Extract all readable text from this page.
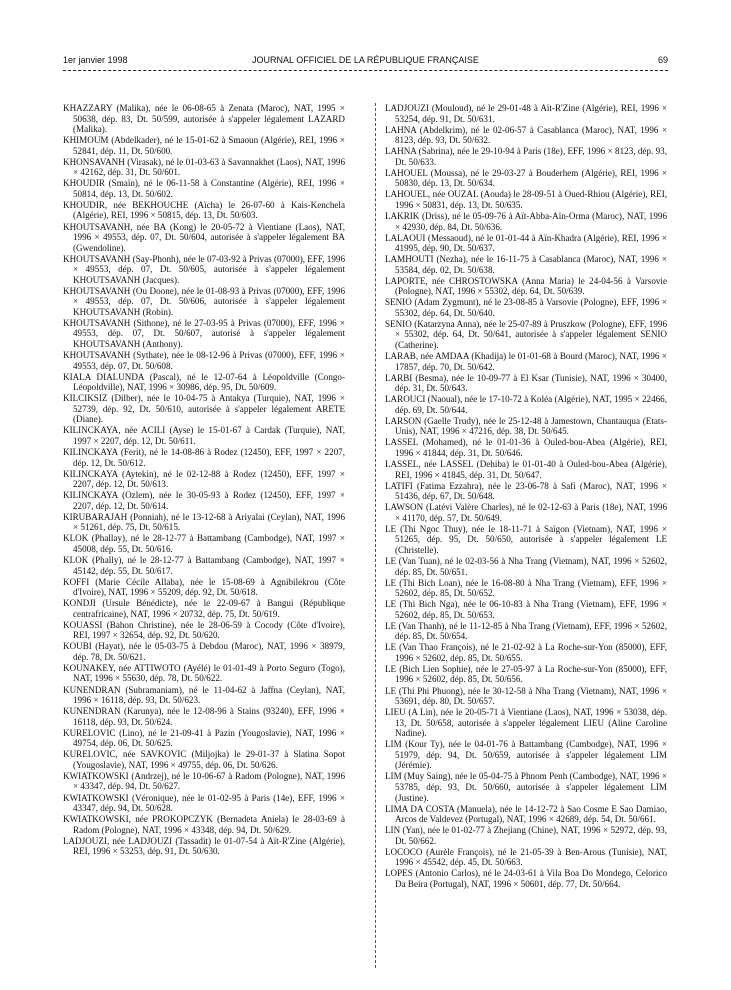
1er janvier 1998	JOURNAL OFFICIEL DE LA RÉPUBLIQUE FRANÇAISE	69

KHAZZARY (Malika), née le 06-08-65 à Zenata (Maroc), NAT, 1995 × 50638, dép. 83, Dt. 50/599, autorisée à s'appeler légalement LAZARD (Malika).

KHIMOUM (Abdelkader), né le 15-01-62 à Smaoun (Algérie), REI, 1996 × 52841, dép. 11, Dt. 50/600.

KHONSAVANH (Virasak), né le 01-03-63 à Savannakhet (Laos), NAT, 1996 × 42162, dép. 31, Dt. 50/601.

KHOUDIR (Smaïn), né le 06-11-58 à Constantine (Algérie), REI, 1996 × 50814, dép. 13, Dt. 50/602.

KHOUDIR, née BEKHOUCHE (Aïcha) le 26-07-60 à Kais-Kenchela (Algérie), REI, 1996 × 50815, dép. 13, Dt. 50/603.

KHOUTSAVANH, née BA (Kong) le 20-05-72 à Vientiane (Laos), NAT, 1996 × 49553, dép. 07, Dt. 50/604, autorisée à s'appeler légalement BA (Gwendoline).

KHOUTSAVANH (Say-Phonh), née le 07-03-92 à Privas (07000), EFF, 1996 × 49553, dép. 07, Dt. 50/605, autorisée à s'appeler légalement KHOUTSAVANH (Jacques).

KHOUTSAVANH (Ou Doone), née le 01-08-93 à Privas (07000), EFF, 1996 × 49553, dép. 07, Dt. 50/606, autorisée à s'appeler légalement KHOUTSAVANH (Robin).

KHOUTSAVANH (Sithone), né le 27-03-95 à Privas (07000), EFF, 1996 × 49553, dép. 07, Dt. 50/607, autorisé à s'appeler légalement KHOUTSAVANH (Anthony).

KHOUTSAVANH (Sythate), née le 08-12-96 à Privas (07000), EFF, 1996 × 49553, dép. 07, Dt. 50/608.

KIALA DIALUNDA (Pascal), né le 12-07-64 à Léopoldville (Congo-Léopoldville), NAT, 1996 × 30986, dép. 95, Dt. 50/609.

KILCIKSIZ (Dilber), née le 10-04-75 à Antakya (Turquie), NAT, 1996 × 52739, dép. 92, Dt. 50/610, autorisée à s'appeler légalement ARETE (Diane).

KILINCKAYA, née ACILI (Ayse) le 15-01-67 à Cardak (Turquie), NAT, 1997 × 2207, dép. 12, Dt. 50/611.

KILINCKAYA (Ferit), né le 14-08-86 à Rodez (12450), EFF, 1997 × 2207, dép. 12, Dt. 50/612.

KILINCKAYA (Aytekin), né le 02-12-88 à Rodez (12450), EFF, 1997 × 2207, dép. 12, Dt. 50/613.

KILINCKAYA (Ozlem), née le 30-05-93 à Rodez (12450), EFF, 1997 × 2207, dép. 12, Dt. 50/614.

KIRUBARAJAH (Ponniah), né le 13-12-68 à Ariyalai (Ceylan), NAT, 1996 × 51261, dép. 75, Dt. 50/615.

KLOK (Phallay), né le 28-12-77 à Battambang (Cambodge), NAT, 1997 × 45008, dép. 55, Dt. 50/616.

KLOK (Phally), né le 28-12-77 à Battambang (Cambodge), NAT, 1997 × 45142, dép. 55, Dt. 50/617.

KOFFI (Marie Cécile Allaba), née le 15-08-69 à Agnibilekrou (Côte d'Ivoire), NAT, 1996 × 55209, dép. 92, Dt. 50/618.

KONDJI (Ursule Bénédicte), née le 22-09-67 à Bangui (République centrafricaine), NAT, 1996 × 20732, dép. 75, Dt. 50/619.

KOUASSI (Bahon Christine), née le 28-06-59 à Cocody (Côte d'Ivoire), REI, 1997 × 32654, dép. 92, Dt. 50/620.

KOUBI (Hayat), née le 05-03-75 à Debdou (Maroc), NAT, 1996 × 38979, dép. 78, Dt. 50/621.

KOUNAKEY, née ATTIWOTO (Ayélé) le 01-01-49 à Porto Seguro (Togo), NAT, 1996 × 55630, dép. 78, Dt. 50/622.

KUNENDRAN (Subramaniam), né le 11-04-62 à Jaffna (Ceylan), NAT, 1996 × 16118, dép. 93, Dt. 50/623.

KUNENDRAN (Karunya), née le 12-08-96 à Stains (93240), EFF, 1996 × 16118, dép. 93, Dt. 50/624.

KURELOVIC (Lino), né le 21-09-41 à Pazin (Yougoslavie), NAT, 1996 × 49754, dép. 06, Dt. 50/625.

KURELOVIC, née SAVKOVIC (Miljojka) le 29-01-37 à Slatina Sopot (Yougoslavie), NAT, 1996 × 49755, dép. 06, Dt. 50/626.

KWIATKOWSKI (Andrzej), né le 10-06-67 à Radom (Pologne), NAT, 1996 × 43347, dép. 94, Dt. 50/627.

KWIATKOWSKI (Véronique), née le 01-02-95 à Paris (14e), EFF, 1996 × 43347, dép. 94, Dt. 50/628.

KWIATKOWSKI, née PROKOPCZYK (Bernadeta Aniela) le 28-03-69 à Radom (Pologne), NAT, 1996 × 43348, dép. 94, Dt. 50/629.

LADJOUZI, née LADJOUZI (Tassadit) le 01-07-54 à Aït-R'Zine (Algérie), REI, 1996 × 53253, dép. 91, Dt. 50/630.

LADJOUZI (Mouloud), né le 29-01-48 à Aït-R'Zine (Algérie), REI, 1996 × 53254, dép. 91, Dt. 50/631.

LAHNA (Abdelkrim), né le 02-06-57 à Casablanca (Maroc), NAT, 1996 × 8123, dép. 93, Dt. 50/632.

LAHNA (Sabrina), née le 29-10-94 à Paris (18e), EFF, 1996 × 8123, dép. 93, Dt. 50/633.

LAHOUEL (Moussa), né le 29-03-27 à Bouderhem (Algérie), REI, 1996 × 50830, dép. 13, Dt. 50/634.

LAHOUEL, née OUZAL (Aouda) le 28-09-51 à Oued-Rhiou (Algérie), REI, 1996 × 50831, dép. 13, Dt. 50/635.

LAKRIK (Driss), né le 05-09-76 à Aït-Abba-Aïn-Orma (Maroc), NAT, 1996 × 42930, dép. 84, Dt. 50/636.

LALAOUI (Messaoud), né le 01-01-44 à Aïn-Khadra (Algérie), REI, 1996 × 41995, dép. 90, Dt. 50/637.

LAMHOUTI (Nezha), née le 16-11-75 à Casablanca (Maroc), NAT, 1996 × 53584, dép. 02, Dt. 50/638.

LAPORTE, née CHROSTOWSKA (Anna Maria) le 24-04-56 à Varsovie (Pologne), NAT, 1996 × 55302, dép. 64, Dt. 50/639.

SENIO (Adam Zygmunt), né le 23-08-85 à Varsovie (Pologne), EFF, 1996 × 55302, dép. 64, Dt. 50/640.

SENIO (Katarzyna Anna), née le 25-07-89 à Pruszkow (Pologne), EFF, 1996 × 55302, dép. 64, Dt. 50/641, autorisée à s'appeler légalement SENIO (Catherine).

LARAB, née AMDAA (Khadija) le 01-01-68 à Bourd (Maroc), NAT, 1996 × 17857, dép. 70, Dt. 50/642.

LARBI (Besma), née le 10-09-77 à El Ksar (Tunisie), NAT, 1996 × 30400, dép. 31, Dt. 50/643.

LAROUCI (Naoual), née le 17-10-72 à Koléa (Algérie), NAT, 1995 × 22466, dép. 69, Dt. 50/644.

LARSON (Gaelle Trudy), née le 25-12-48 à Jamestown, Chantauqua (Etats-Unis), NAT, 1996 × 47216, dép. 38, Dt. 50/645.

LASSEL (Mohamed), né le 01-01-36 à Ouled-bou-Abea (Algérie), REI, 1996 × 41844, dép. 31, Dt. 50/646.

LASSEL, née LASSEL (Dehiba) le 01-01-40 à Ouled-bou-Abea (Algérie), REI, 1996 × 41845, dép. 31, Dt. 50/647.

LATIFI (Fatima Ezzahra), née le 23-06-78 à Safi (Maroc), NAT, 1996 × 51436, dép. 67, Dt. 50/648.

LAWSON (Latévi Valère Charles), né le 02-12-63 à Paris (18e), NAT, 1996 × 41170, dép. 57, Dt. 50/649.

LE (Thi Ngoc Thuy), née le 18-11-71 à Saïgon (Vietnam), NAT, 1996 × 51265, dép. 95, Dt. 50/650, autorisée à s'appeler légalement LE (Christelle).

LE (Van Tuan), né le 02-03-56 à Nha Trang (Vietnam), NAT, 1996 × 52602, dép. 85, Dt. 50/651.

LE (Thi Bich Loan), née le 16-08-80 à Nha Trang (Vietnam), EFF, 1996 × 52602, dép. 85, Dt. 50/652.

LE (Thi Bich Nga), née le 06-10-83 à Nha Trang (Vietnam), EFF, 1996 × 52602, dép. 85, Dt. 50/653.

LE (Van Thanh), né le 11-12-85 à Nha Trang (Vietnam), EFF, 1996 × 52602, dép. 85, Dt. 50/654.

LE (Van Thao François), né le 21-02-92 à La Roche-sur-Yon (85000), EFF, 1996 × 52602, dép. 85, Dt. 50/655.

LE (Bich Lien Sophie), née le 27-05-97 à La Roche-sur-Yon (85000), EFF, 1996 × 52602, dép. 85, Dt. 50/656.

LE (Thi Phi Phuong), née le 30-12-58 à Nha Trang (Vietnam), NAT, 1996 × 53691, dép. 80, Dt. 50/657.

LIEU (A Lin), née le 20-05-71 à Vientiane (Laos), NAT, 1996 × 53038, dép. 13, Dt. 50/658, autorisée à s'appeler légalement LIEU (Aline Caroline Nadine).

LIM (Kour Ty), née le 04-01-76 à Battambang (Cambodge), NAT, 1996 × 51979, dép. 94, Dt. 50/659, autorisée à s'appeler légalement LIM (Jérémie).

LIM (Muy Saing), née le 05-04-75 à Phnom Penh (Cambodge), NAT, 1996 × 53785, dép. 93, Dt. 50/660, autorisée à s'appeler légalement LIM (Justine).

LIMA DA COSTA (Manuela), née le 14-12-72 à Sao Cosme E Sao Damiao, Arcos de Valdevez (Portugal), NAT, 1996 × 42689, dép. 54, Dt. 50/661.

LIN (Yan), née le 01-02-77 à Zhejiang (Chine), NAT, 1996 × 52972, dép. 93, Dt. 50/662.

LOCOCO (Aurèle François), né le 21-05-39 à Ben-Arous (Tunisie), NAT, 1996 × 45542, dép. 45, Dt. 50/663.

LOPES (Antonio Carlos), né le 24-03-61 à Vila Boa Do Mondego, Celorico Da Beira (Portugal), NAT, 1996 × 50601, dép. 77, Dt. 50/664.
